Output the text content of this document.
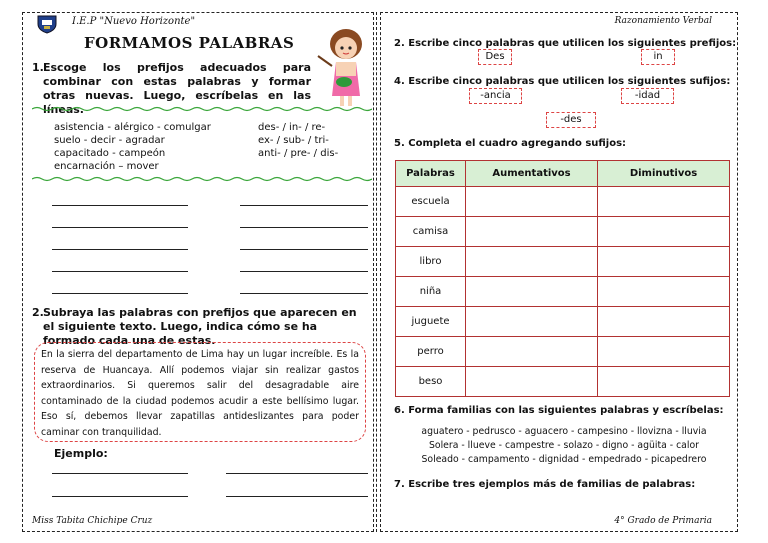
I.E.P "Nuevo Horizonte"
FORMAMOS PALABRAS
1. Escoge los prefijos adecuados para combinar con estas palabras y formar otras nuevas. Luego, escríbelas en las líneas.
asistencia - alérgico - comulgar
suelo - decir - agradar
capacitado - campeón
encarnación – mover
des- / in- / re-
ex- / sub- / tri-
anti- / pre- / dis-
2. Subraya las palabras con prefijos que aparecen en el siguiente texto. Luego, indica cómo se ha formado cada una de estas.
En la sierra del departamento de Lima hay un lugar increíble. Es la reserva de Huancaya. Allí podemos viajar sin realizar gastos extraordinarios. Si queremos salir del desagradable aire contaminado de la ciudad podemos acudir a este bellísimo lugar. Eso sí, debemos llevar zapatillas antideslizantes para poder caminar con tranquilidad.
Ejemplo:
Miss Tabita Chichipe Cruz
Razonamiento Verbal
2. Escribe cinco palabras que utilicen los siguientes prefijos:
Des	in
4. Escribe cinco palabras que utilicen los siguientes sufijos:
-ancia	-idad
-des
5. Completa el cuadro agregando sufijos:
Palabras	Aumentativos	Diminutivos
escuela		
camisa		
libro		
niña		
juguete		
perro		
beso		
6. Forma familias con las siguientes palabras y escríbelas:
aguatero - pedrusco - aguacero - campesino - llovizna - lluvia
Solera - llueve - campestre - solazo - digno - agüita - calor
Soleado - campamento - dignidad - empedrado - picapedrero
7. Escribe tres ejemplos más de familias de palabras:
4° Grado de Primaria
